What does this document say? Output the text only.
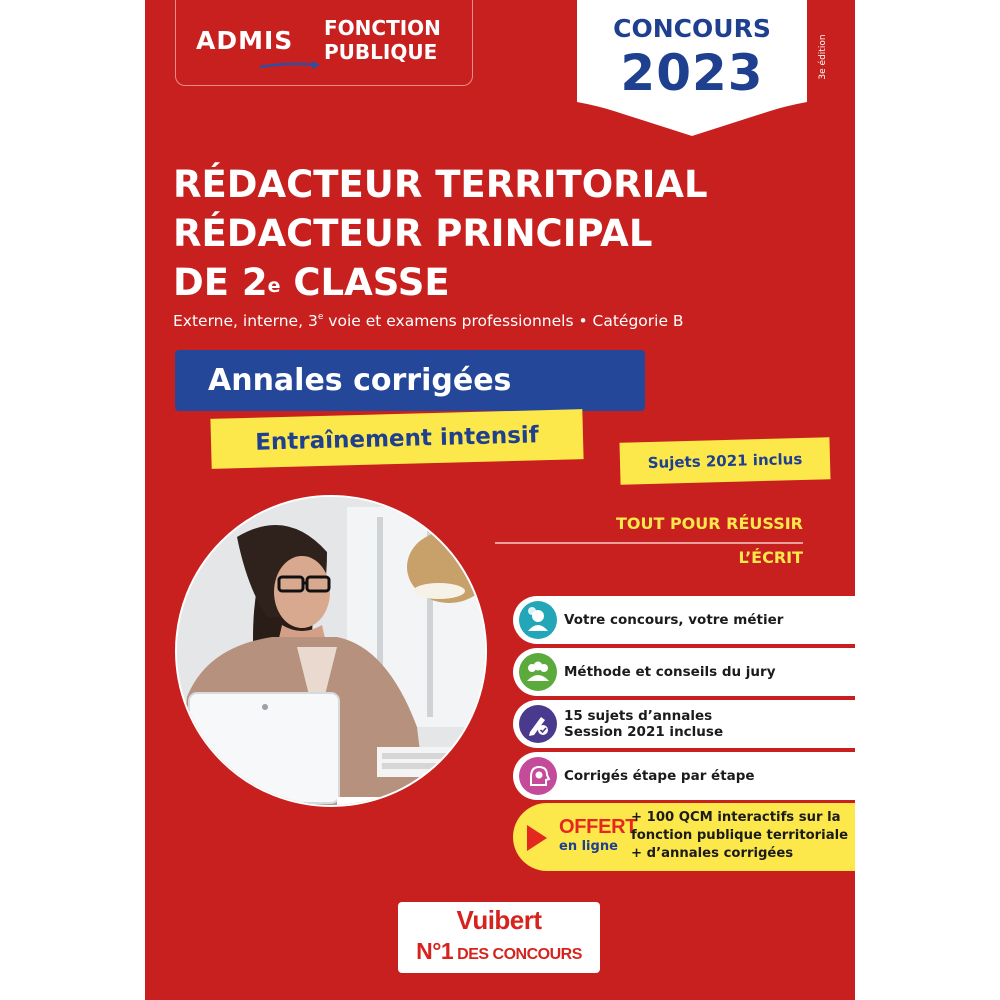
ADMIS FONCTION
PUBLIQUE
CONCOURS
2023	3e édition
RÉDACTEUR TERRITORIAL
RÉDACTEUR PRINCIPAL
DE 2e CLASSE
Externe, interne, 3e voie et examens professionnels • Catégorie B
Annales corrigées
Entraînement intensif
Sujets 2021 inclus
TOUT POUR RÉUSSIR
L’ÉCRIT
Votre concours, votre métier
Méthode et conseils du jury
15 sujets d’annales
Session 2021 incluse
Corrigés étape par étape
OFFERT
en ligne
+ 100 QCM interactifs sur la
fonction publique territoriale
+ d’annales corrigées
Vuibert
N°1 DES CONCOURS
